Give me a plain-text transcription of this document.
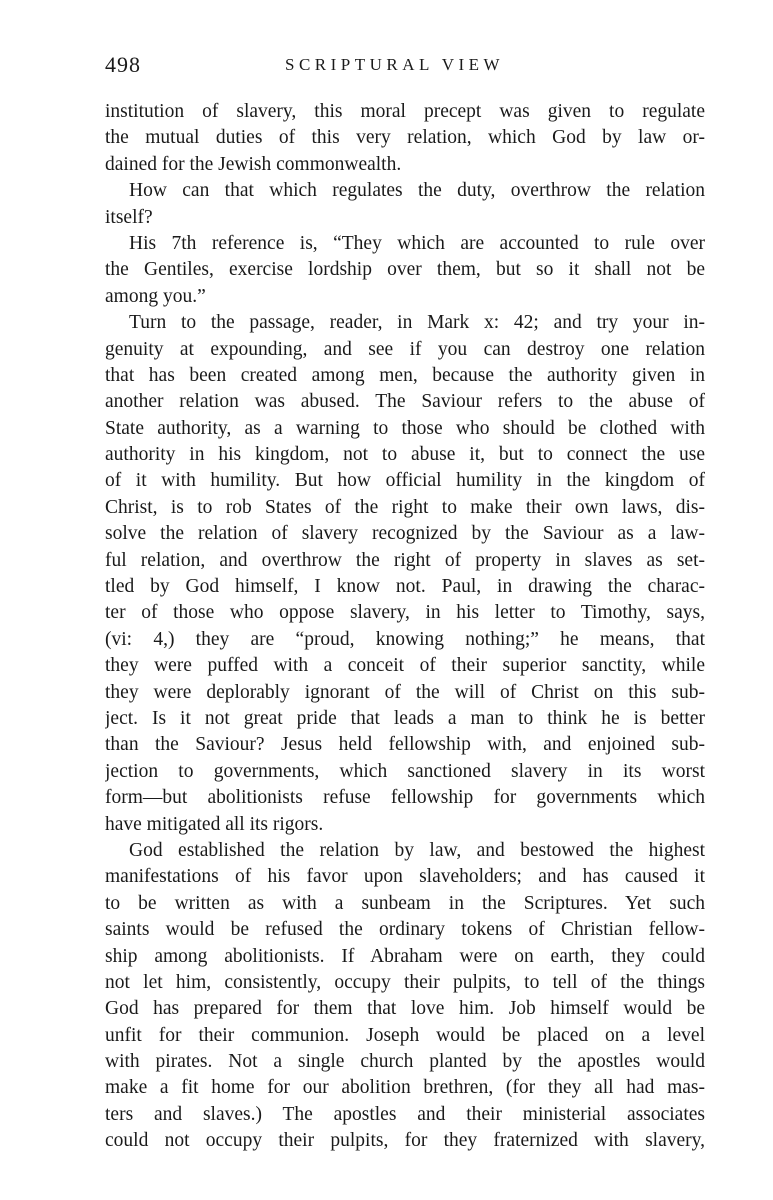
498	SCRIPTURAL VIEW
institution of slavery, this moral precept was given to regulate
the mutual duties of this very relation, which God by law or-
dained for the Jewish commonwealth.
How can that which regulates the duty, overthrow the relation
itself?
His 7th reference is, “They which are accounted to rule over
the Gentiles, exercise lordship over them, but so it shall not be
among you.”
Turn to the passage, reader, in Mark x: 42; and try your in-
genuity at expounding, and see if you can destroy one relation
that has been created among men, because the authority given in
another relation was abused. The Saviour refers to the abuse of
State authority, as a warning to those who should be clothed with
authority in his kingdom, not to abuse it, but to connect the use
of it with humility. But how official humility in the kingdom of
Christ, is to rob States of the right to make their own laws, dis-
solve the relation of slavery recognized by the Saviour as a law-
ful relation, and overthrow the right of property in slaves as set-
tled by God himself, I know not. Paul, in drawing the charac-
ter of those who oppose slavery, in his letter to Timothy, says,
(vi: 4,) they are “proud, knowing nothing;” he means, that
they were puffed with a conceit of their superior sanctity, while
they were deplorably ignorant of the will of Christ on this sub-
ject. Is it not great pride that leads a man to think he is better
than the Saviour? Jesus held fellowship with, and enjoined sub-
jection to governments, which sanctioned slavery in its worst
form—but abolitionists refuse fellowship for governments which
have mitigated all its rigors.
God established the relation by law, and bestowed the highest
manifestations of his favor upon slaveholders; and has caused it
to be written as with a sunbeam in the Scriptures. Yet such
saints would be refused the ordinary tokens of Christian fellow-
ship among abolitionists. If Abraham were on earth, they could
not let him, consistently, occupy their pulpits, to tell of the things
God has prepared for them that love him. Job himself would be
unfit for their communion. Joseph would be placed on a level
with pirates. Not a single church planted by the apostles would
make a fit home for our abolition brethren, (for they all had mas-
ters and slaves.) The apostles and their ministerial associates
could not occupy their pulpits, for they fraternized with slavery,
